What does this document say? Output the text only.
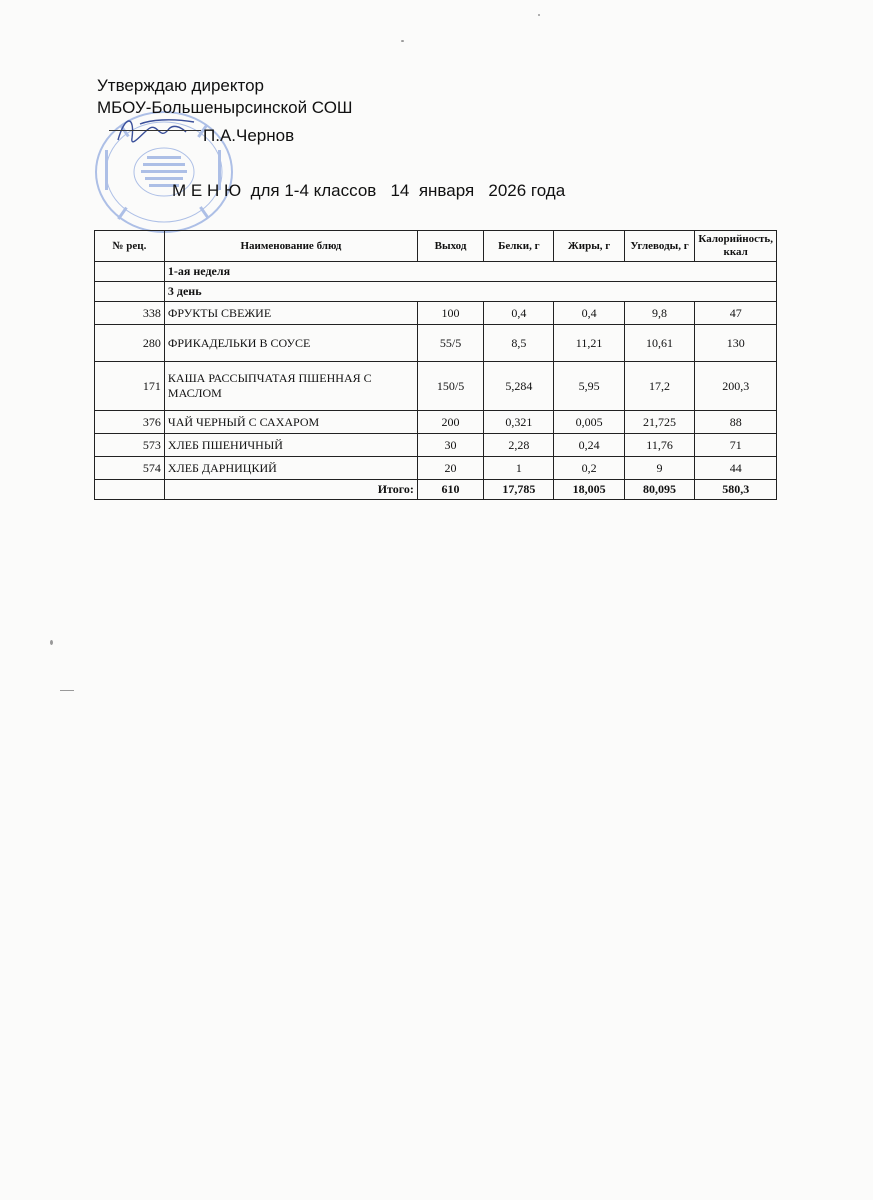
Утверждаю директор
МБОУ-Большенырсинской СОШ
П.А.Чернов
М Е Н Ю  для 1-4 классов   14  января   2026 года
№ рец.	Наименование блюд	Выход	Белки, г	Жиры, г	Углеводы, г	Калорийность, ккал
	1-ая неделя					
	3 день					
338	ФРУКТЫ СВЕЖИЕ	100	0,4	0,4	9,8	47
280	ФРИКАДЕЛЬКИ В СОУСЕ	55/5	8,5	11,21	10,61	130
171	КАША РАССЫПЧАТАЯ ПШЕННАЯ С МАСЛОМ	150/5	5,284	5,95	17,2	200,3
376	ЧАЙ ЧЕРНЫЙ С САХАРОМ	200	0,321	0,005	21,725	88
573	ХЛЕБ ПШЕНИЧНЫЙ	30	2,28	0,24	11,76	71
574	ХЛЕБ ДАРНИЦКИЙ	20	1	0,2	9	44
	Итого:	610	17,785	18,005	80,095	580,3
